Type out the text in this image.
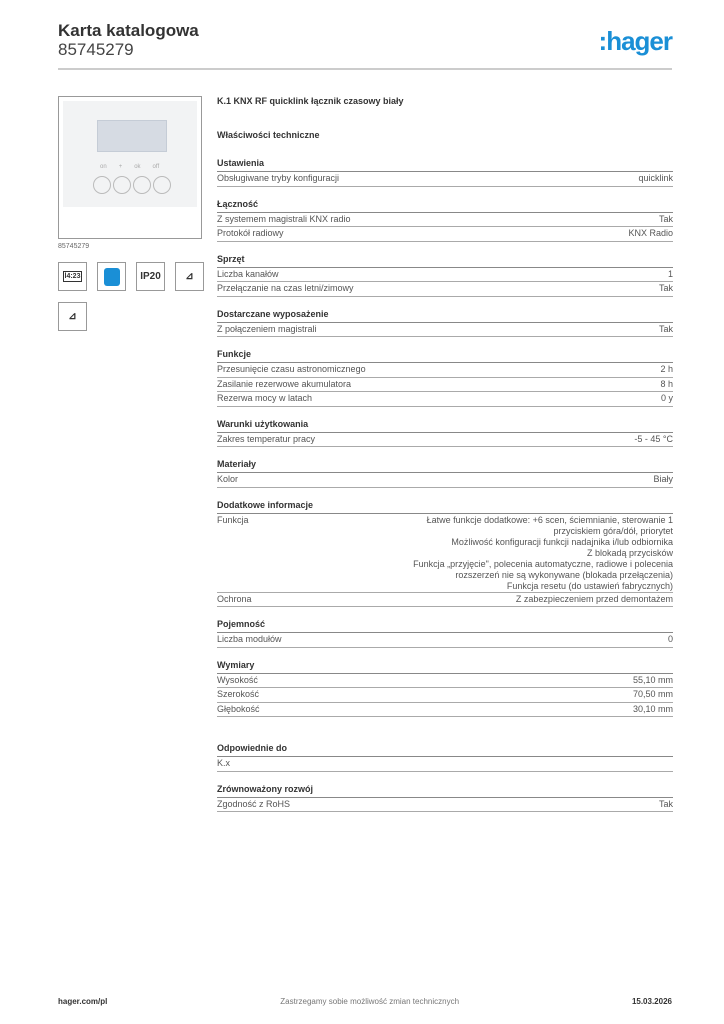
Karta katalogowa
85745279	:hager
on + ok off
85745279
l4:23	IP20	⊿
⊿
K.1 KNX RF quicklink łącznik czasowy biały
Właściwości techniczne
Ustawienia
Obsługiwane tryby konfiguracji	quicklink
Łączność
Z systemem magistrali KNX radio	Tak
Protokół radiowy	KNX Radio
Sprzęt
Liczba kanałów	1
Przełączanie na czas letni/zimowy	Tak
Dostarczane wyposażenie
Z połączeniem magistrali	Tak
Funkcje
Przesunięcie czasu astronomicznego	2 h
Zasilanie rezerwowe akumulatora	8 h
Rezerwa mocy w latach	0 y
Warunki użytkowania
Zakres temperatur pracy	-5 - 45 °C
Materiały
Kolor	Biały
Dodatkowe informacje
Funkcja	Łatwe funkcje dodatkowe: +6 scen, ściemnianie, sterowanie 1
przyciskiem góra/dół, priorytet
Możliwość konfiguracji funkcji nadajnika i/lub odbiornika
Z blokadą przycisków
Funkcja „przyjęcie", polecenia automatyczne, radiowe i polecenia
rozszerzeń nie są wykonywane (blokada przełączenia)
Funkcja resetu (do ustawień fabrycznych)
Ochrona	Z zabezpieczeniem przed demontażem
Pojemność
Liczba modułów	0
Wymiary
Wysokość	55,10 mm
Szerokość	70,50 mm
Głębokość	30,10 mm
Odpowiednie do
K.x
Zrównoważony rozwój
Zgodność z RoHS	Tak
hager.com/pl	Zastrzegamy sobie możliwość zmian technicznych	15.03.2026
